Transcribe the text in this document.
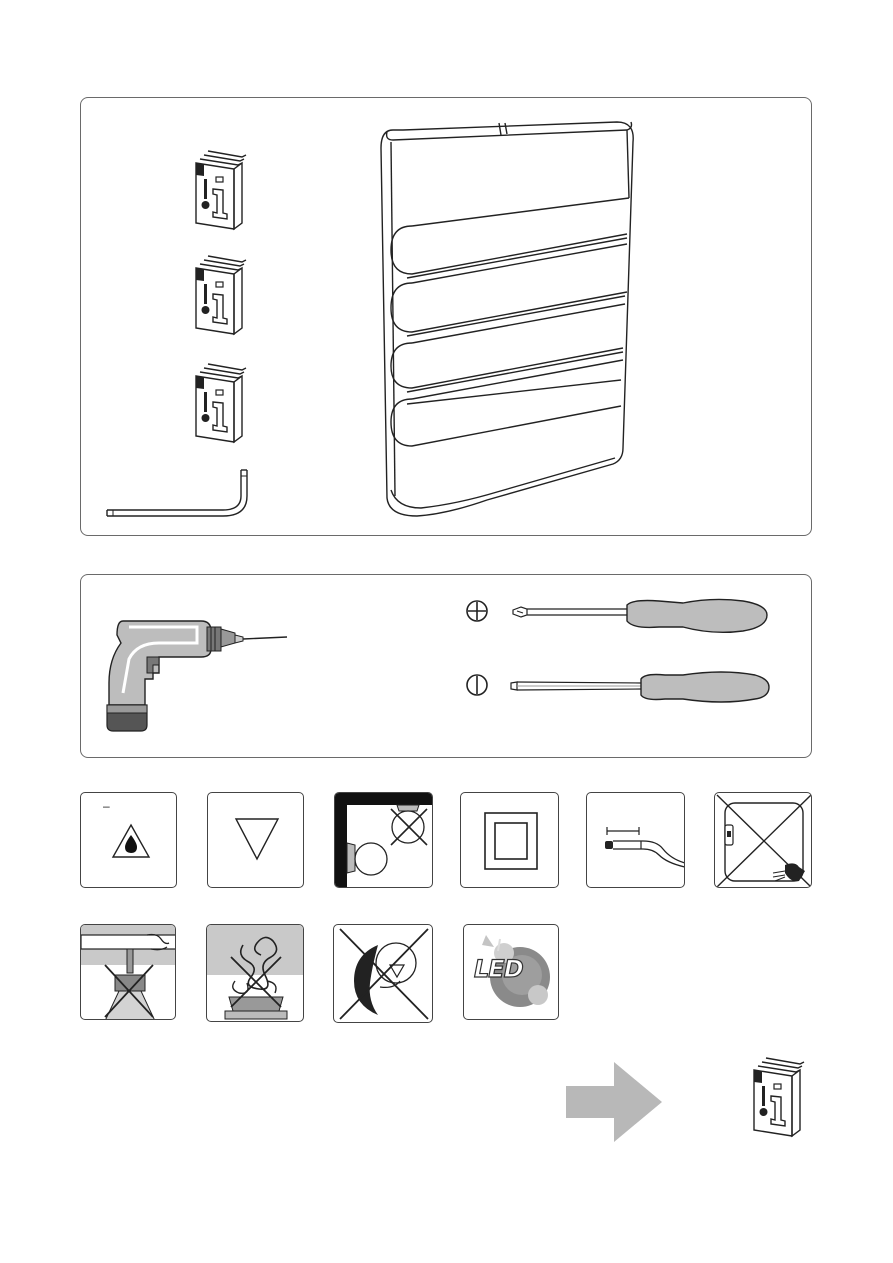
–
LED
